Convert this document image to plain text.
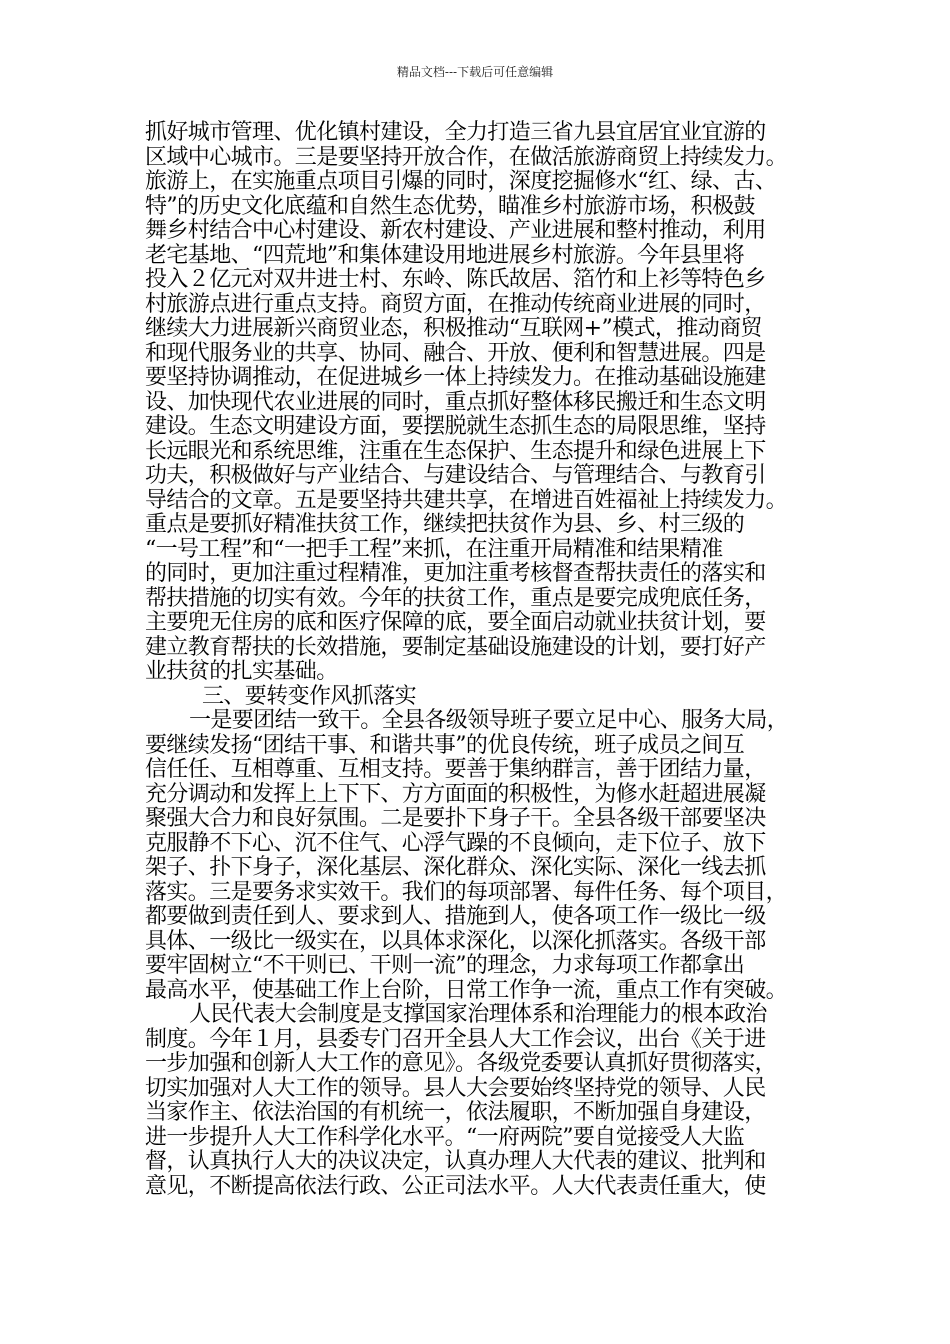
精品文档---下载后可任意编辑
抓好城市管理、优化镇村建设，全力打造三省九县宜居宜业宜游的
区域中心城市。三是要坚持开放合作，在做活旅游商贸上持续发力。
旅游上，在实施重点项目引爆的同时，深度挖掘修水“红、绿、古、
特”的历史文化底蕴和自然生态优势，瞄准乡村旅游市场，积极鼓
舞乡村结合中心村建设、新农村建设、产业进展和整村推动，利用
老宅基地、“四荒地”和集体建设用地进展乡村旅游。今年县里将
投入２亿元对双井进士村、东岭、陈氏故居、箔竹和上衫等特色乡
村旅游点进行重点支持。商贸方面，在推动传统商业进展的同时，
继续大力进展新兴商贸业态，积极推动“互联网+”模式，推动商贸
和现代服务业的共享、协同、融合、开放、便利和智慧进展。四是
要坚持协调推动，在促进城乡一体上持续发力。在推动基础设施建
设、加快现代农业进展的同时，重点抓好整体移民搬迁和生态文明
建设。生态文明建设方面，要摆脱就生态抓生态的局限思维，坚持
长远眼光和系统思维，注重在生态保护、生态提升和绿色进展上下
功夫，积极做好与产业结合、与建设结合、与管理结合、与教育引
导结合的文章。五是要坚持共建共享，在增进百姓福祉上持续发力。
重点是要抓好精准扶贫工作，继续把扶贫作为县、乡、村三级的
“一号工程”和“一把手工程”来抓，在注重开局精准和结果精准
的同时，更加注重过程精准，更加注重考核督查帮扶责任的落实和
帮扶措施的切实有效。今年的扶贫工作，重点是要完成兜底任务，
主要兜无住房的底和医疗保障的底，要全面启动就业扶贫计划，要
建立教育帮扶的长效措施，要制定基础设施建设的计划，要打好产
业扶贫的扎实基础。
三、要转变作风抓落实
一是要团结一致干。全县各级领导班子要立足中心、服务大局，
要继续发扬“团结干事、和谐共事”的优良传统，班子成员之间互
信任任、互相尊重、互相支持。要善于集纳群言，善于团结力量，
充分调动和发挥上上下下、方方面面的积极性，为修水赶超进展凝
聚强大合力和良好氛围。二是要扑下身子干。全县各级干部要坚决
克服静不下心、沉不住气、心浮气躁的不良倾向，走下位子、放下
架子、扑下身子，深化基层、深化群众、深化实际、深化一线去抓
落实。三是要务求实效干。我们的每项部署、每件任务、每个项目，
都要做到责任到人、要求到人、措施到人，使各项工作一级比一级
具体、一级比一级实在，以具体求深化，以深化抓落实。各级干部
要牢固树立“不干则已、干则一流”的理念，力求每项工作都拿出
最高水平，使基础工作上台阶，日常工作争一流，重点工作有突破。
人民代表大会制度是支撑国家治理体系和治理能力的根本政治
制度。今年１月，县委专门召开全县人大工作会议，出台《关于进
一步加强和创新人大工作的意见》。各级党委要认真抓好贯彻落实，
切实加强对人大工作的领导。县人大会要始终坚持党的领导、人民
当家作主、依法治国的有机统一，依法履职，不断加强自身建设，
进一步提升人大工作科学化水平。“一府两院”要自觉接受人大监
督，认真执行人大的决议决定，认真办理人大代表的建议、批判和
意见，不断提高依法行政、公正司法水平。人大代表责任重大，使
